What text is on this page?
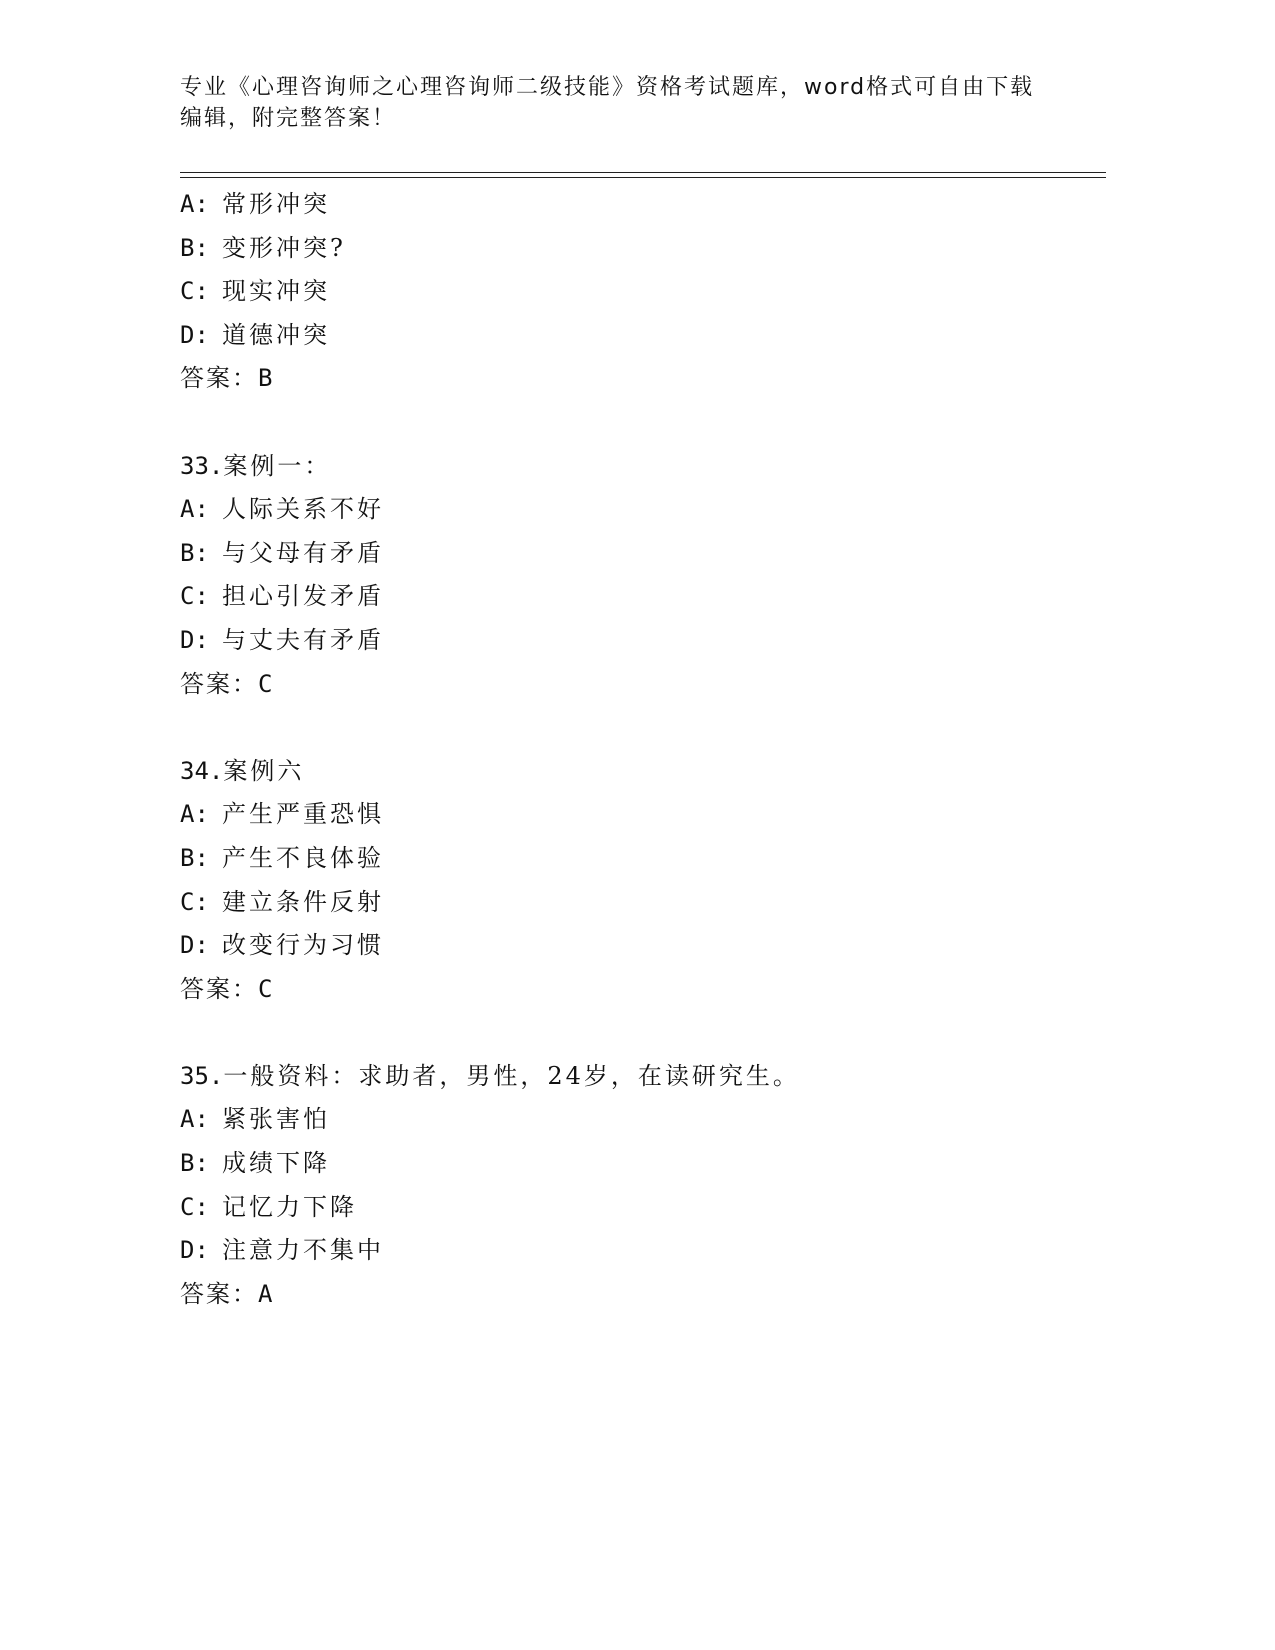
专业《心理咨询师之心理咨询师二级技能》资格考试题库，word格式可自由下载
编辑，附完整答案！
A: 常形冲突
B: 变形冲突?
C: 现实冲突
D: 道德冲突
答案： B
33. 案例一：
A: 人际关系不好
B: 与父母有矛盾
C: 担心引发矛盾
D: 与丈夫有矛盾
答案： C
34. 案例六
A: 产生严重恐惧
B: 产生不良体验
C: 建立条件反射
D: 改变行为习惯
答案： C
35. 一般资料：求助者，男性，24岁，在读研究生。
A: 紧张害怕
B: 成绩下降
C: 记忆力下降
D: 注意力不集中
答案： A
